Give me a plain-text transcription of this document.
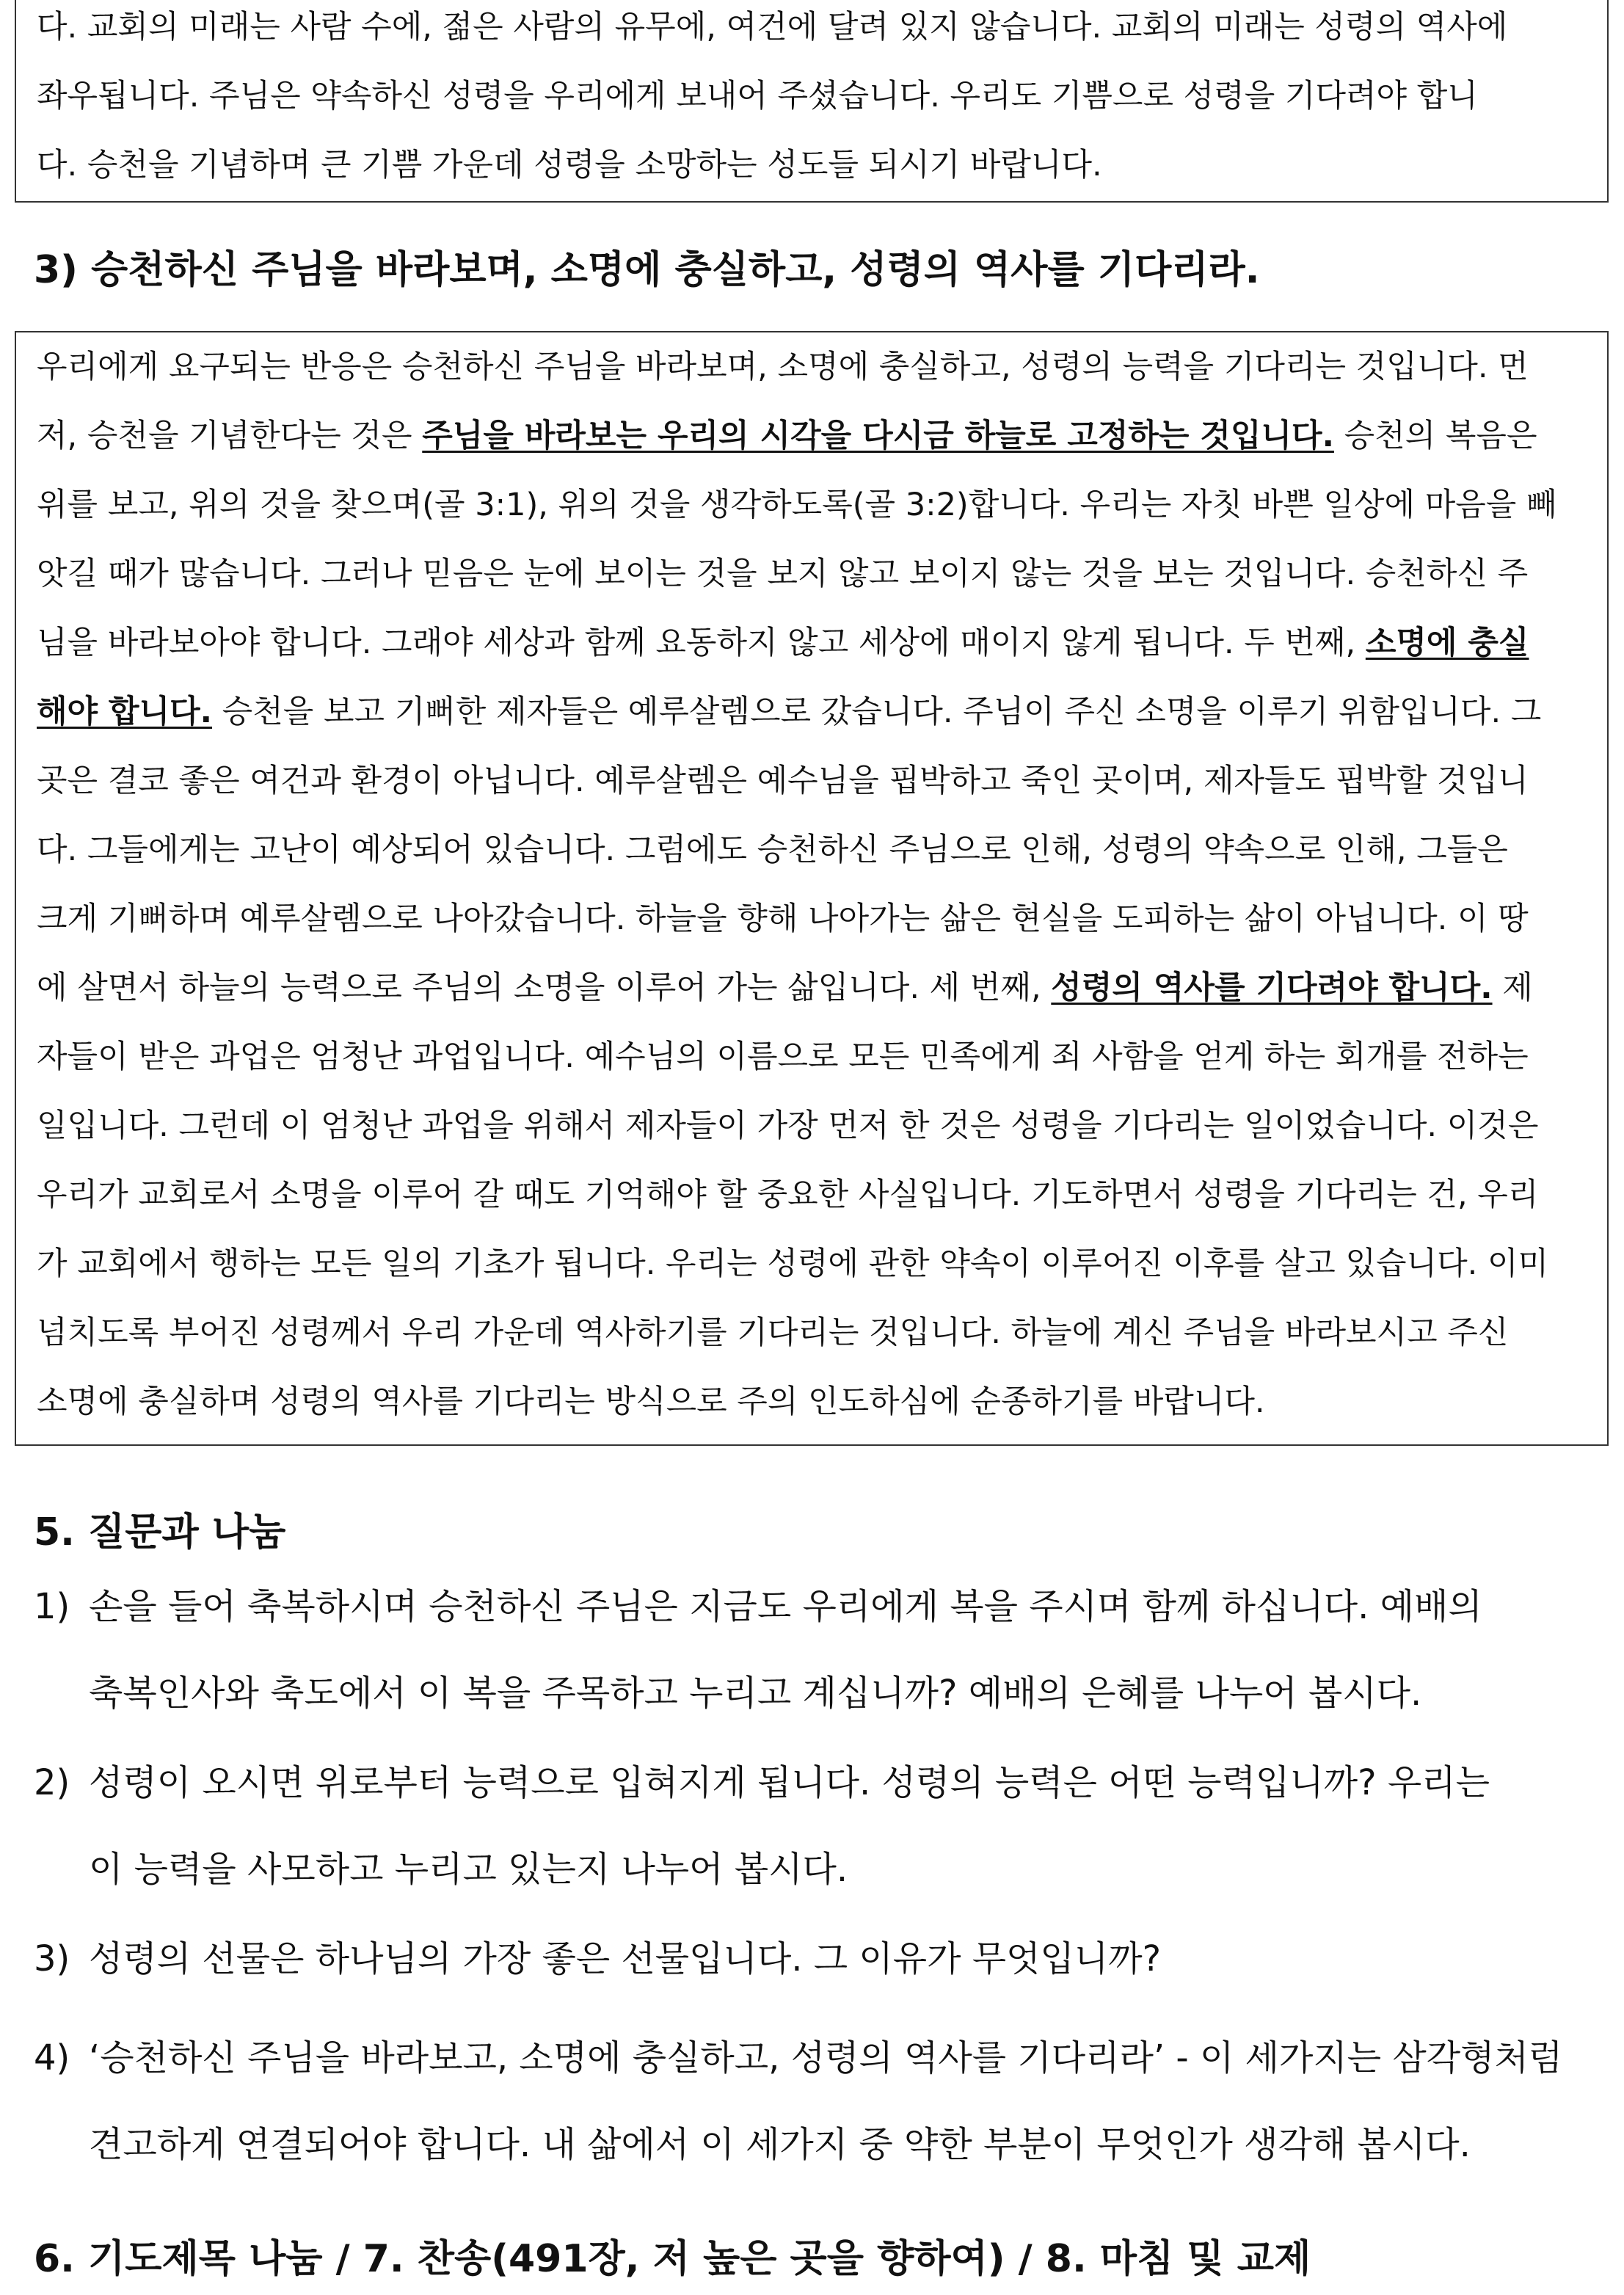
다. 교회의 미래는 사람 수에, 젊은 사람의 유무에, 여건에 달려 있지 않습니다. 교회의 미래는 성령의 역사에

좌우됩니다. 주님은 약속하신 성령을 우리에게 보내어 주셨습니다. 우리도 기쁨으로 성령을 기다려야 합니

다. 승천을 기념하며 큰 기쁨 가운데 성령을 소망하는 성도들 되시기 바랍니다.

3) 승천하신 주님을 바라보며, 소명에 충실하고, 성령의 역사를 기다리라.

우리에게 요구되는 반응은 승천하신 주님을 바라보며, 소명에 충실하고, 성령의 능력을 기다리는 것입니다. 먼

저, 승천을 기념한다는 것은 주님을 바라보는 우리의 시각을 다시금 하늘로 고정하는 것입니다. 승천의 복음은

위를 보고, 위의 것을 찾으며(골 3:1), 위의 것을 생각하도록(골 3:2)합니다. 우리는 자칫 바쁜 일상에 마음을 빼

앗길 때가 많습니다. 그러나 믿음은 눈에 보이는 것을 보지 않고 보이지 않는 것을 보는 것입니다. 승천하신 주

님을 바라보아야 합니다. 그래야 세상과 함께 요동하지 않고 세상에 매이지 않게 됩니다. 두 번째, 소명에 충실

해야 합니다. 승천을 보고 기뻐한 제자들은 예루살렘으로 갔습니다. 주님이 주신 소명을 이루기 위함입니다. 그

곳은 결코 좋은 여건과 환경이 아닙니다. 예루살렘은 예수님을 핍박하고 죽인 곳이며, 제자들도 핍박할 것입니

다. 그들에게는 고난이 예상되어 있습니다. 그럼에도 승천하신 주님으로 인해, 성령의 약속으로 인해, 그들은

크게 기뻐하며 예루살렘으로 나아갔습니다. 하늘을 향해 나아가는 삶은 현실을 도피하는 삶이 아닙니다. 이 땅

에 살면서 하늘의 능력으로 주님의 소명을 이루어 가는 삶입니다. 세 번째, 성령의 역사를 기다려야 합니다. 제

자들이 받은 과업은 엄청난 과업입니다. 예수님의 이름으로 모든 민족에게 죄 사함을 얻게 하는 회개를 전하는

일입니다. 그런데 이 엄청난 과업을 위해서 제자들이 가장 먼저 한 것은 성령을 기다리는 일이었습니다. 이것은

우리가 교회로서 소명을 이루어 갈 때도 기억해야 할 중요한 사실입니다. 기도하면서 성령을 기다리는 건, 우리

가 교회에서 행하는 모든 일의 기초가 됩니다. 우리는 성령에 관한 약속이 이루어진 이후를 살고 있습니다. 이미

넘치도록 부어진 성령께서 우리 가운데 역사하기를 기다리는 것입니다. 하늘에 계신 주님을 바라보시고 주신

소명에 충실하며 성령의 역사를 기다리는 방식으로 주의 인도하심에 순종하기를 바랍니다.

5. 질문과 나눔
1) 손을 들어 축복하시며 승천하신 주님은 지금도 우리에게 복을 주시며 함께 하십니다. 예배의
축복인사와 축도에서 이 복을 주목하고 누리고 계십니까? 예배의 은혜를 나누어 봅시다.
2) 성령이 오시면 위로부터 능력으로 입혀지게 됩니다. 성령의 능력은 어떤 능력입니까? 우리는
이 능력을 사모하고 누리고 있는지 나누어 봅시다.
3) 성령의 선물은 하나님의 가장 좋은 선물입니다. 그 이유가 무엇입니까?
4) ‘승천하신 주님을 바라보고, 소명에 충실하고, 성령의 역사를 기다리라’ - 이 세가지는 삼각형처럼
견고하게 연결되어야 합니다. 내 삶에서 이 세가지 중 약한 부분이 무엇인가 생각해 봅시다.
6. 기도제목 나눔 / 7. 찬송(491장, 저 높은 곳을 향하여) / 8. 마침 및 교제
